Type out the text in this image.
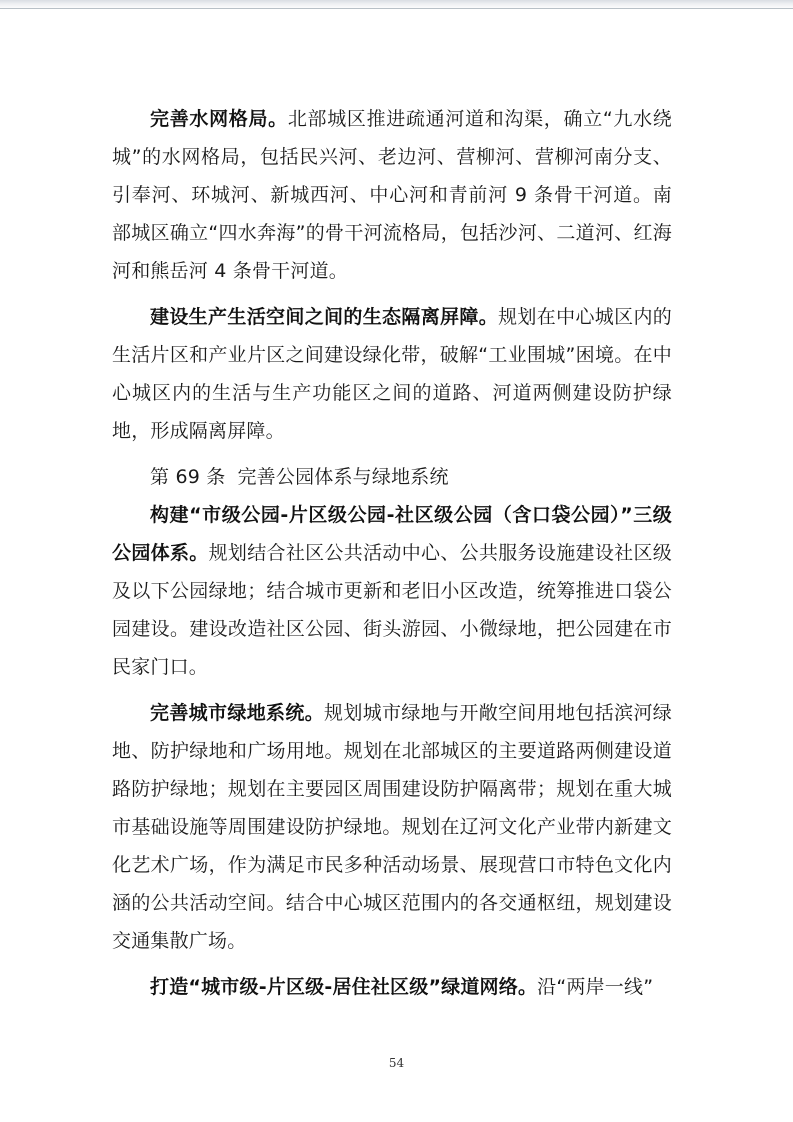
完善水网格局。北部城区推进疏通河道和沟渠，确立“九水绕城”的水网格局，包括民兴河、老边河、营柳河、营柳河南分支、引奉河、环城河、新城西河、中心河和青前河 9 条骨干河道。南部城区确立“四水奔海”的骨干河流格局，包括沙河、二道河、红海河和熊岳河 4 条骨干河道。

建设生产生活空间之间的生态隔离屏障。规划在中心城区内的生活片区和产业片区之间建设绿化带，破解“工业围城”困境。在中心城区内的生活与生产功能区之间的道路、河道两侧建设防护绿地，形成隔离屏障。

第 69 条 完善公园体系与绿地系统

构建“市级公园-片区级公园-社区级公园（含口袋公园）”三级公园体系。规划结合社区公共活动中心、公共服务设施建设社区级及以下公园绿地；结合城市更新和老旧小区改造，统筹推进口袋公园建设。建设改造社区公园、街头游园、小微绿地，把公园建在市民家门口。

完善城市绿地系统。规划城市绿地与开敞空间用地包括滨河绿地、防护绿地和广场用地。规划在北部城区的主要道路两侧建设道路防护绿地；规划在主要园区周围建设防护隔离带；规划在重大城市基础设施等周围建设防护绿地。规划在辽河文化产业带内新建文化艺术广场，作为满足市民多种活动场景、展现营口市特色文化内涵的公共活动空间。结合中心城区范围内的各交通枢纽，规划建设交通集散广场。

打造“城市级-片区级-居住社区级”绿道网络。沿“两岸一线”

54
